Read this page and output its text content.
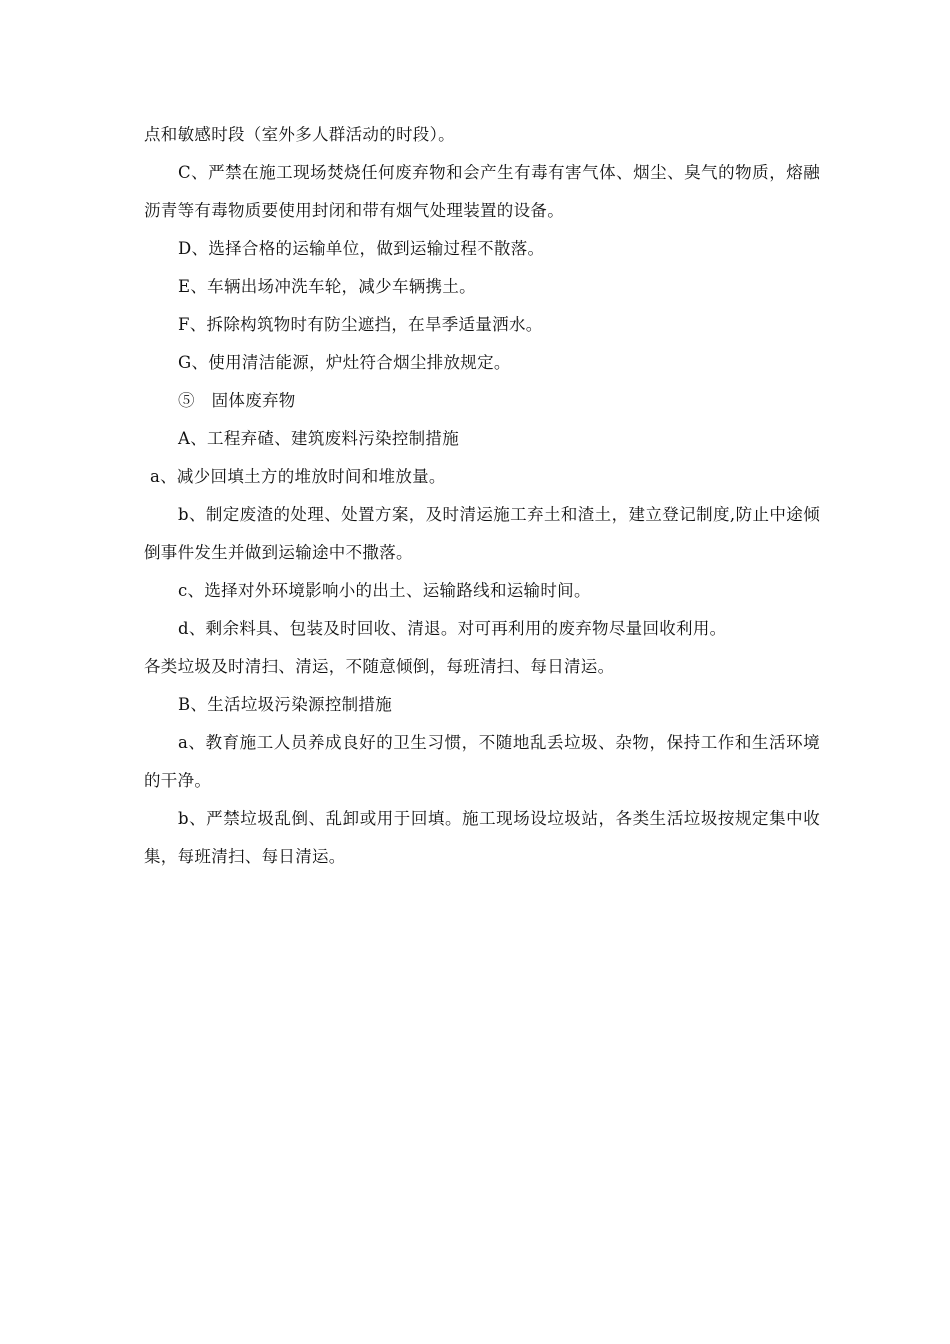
点和敏感时段（室外多人群活动的时段）。

C、严禁在施工现场焚烧任何废弃物和会产生有毒有害气体、烟尘、臭气的物质，熔融沥青等有毒物质要使用封闭和带有烟气处理装置的设备。

D、选择合格的运输单位，做到运输过程不散落。

E、车辆出场冲洗车轮，减少车辆携土。

F、拆除构筑物时有防尘遮挡，在旱季适量洒水。

G、使用清洁能源，炉灶符合烟尘排放规定。

⑤　固体废弃物

A、工程弃碴、建筑废料污染控制措施

a、减少回填土方的堆放时间和堆放量。

b、制定废渣的处理、处置方案，及时清运施工弃土和渣土，建立登记制度,防止中途倾倒事件发生并做到运输途中不撒落。

c、选择对外环境影响小的出土、运输路线和运输时间。

d、剩余料具、包装及时回收、清退。对可再利用的废弃物尽量回收利用。

各类垃圾及时清扫、清运，不随意倾倒，每班清扫、每日清运。

B、生活垃圾污染源控制措施

a、教育施工人员养成良好的卫生习惯，不随地乱丢垃圾、杂物，保持工作和生活环境的干净。

b、严禁垃圾乱倒、乱卸或用于回填。施工现场设垃圾站，各类生活垃圾按规定集中收集，每班清扫、每日清运。
